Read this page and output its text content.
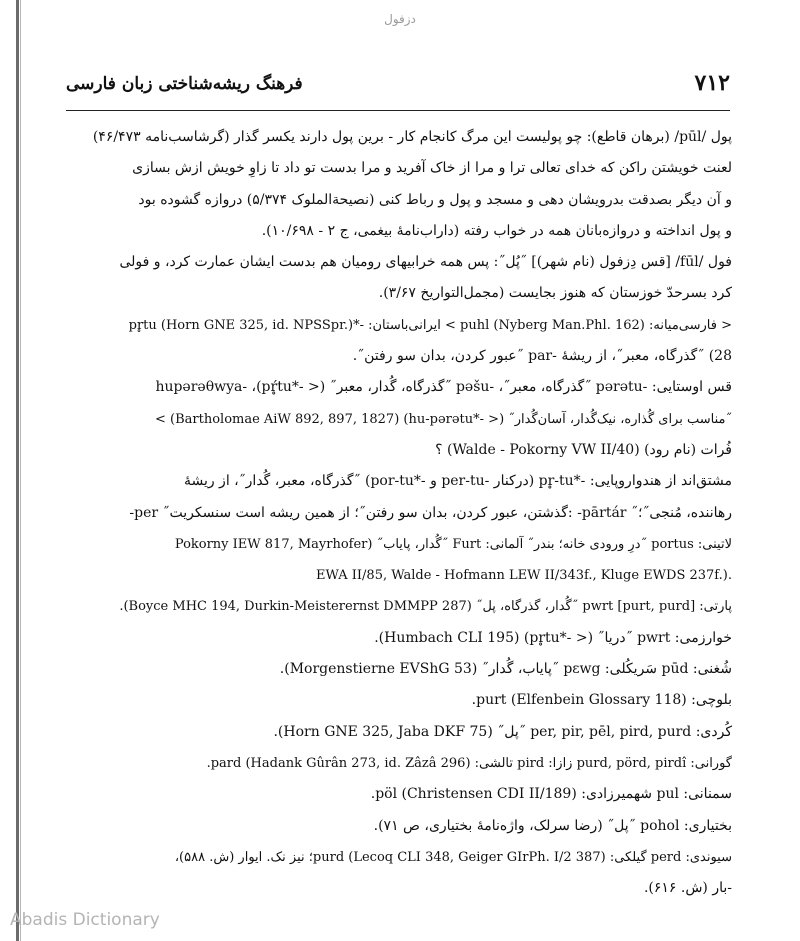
دزفول
۷۱۲
فرهنگ ریشه‌شناختی زبان فارسی
پول /pūl/ (برهان قاطع): چو پولیست این مرگ کانجام کار - برین پول دارند یکسر گذار (گرشاسب‌نامه ۴۶/۴۷۳)
لعنت خویشتن راکن که خدای تعالی ترا و مرا از خاک آفرید و مرا بدست تو داد تا زاوِ خویش ازش بسازی
و آن دیگر بصدقت بدرویشان دهی و مسجد و پول و رباط کنی (نصیحة‌الملوک ۵/۳۷۴) دروازه گشوده بود
و پول انداخته و دروازه‌بانان همه در خواب رفته (داراب‌نامهٔ بیغمی، ج ۲ - ۱۰/۶۹۸).
فول /fūl/ [قس دِزفول (نام شهر)] ˝پُل˝: پس همه خرابیهای رومیان هم بدست ایشان عمارت کرد، و فولی
کرد بسرحدّ خوزستان که هنوز بجایست (مجمل‌التواریخ ۳/۶۷).
< فارسی‌میانه: puhl (Nyberg Man.Phl. 162) > ایرانی‌باستان: -*pr̥tu (Horn GNE 325, id. NPSSpr.)
28) ˝گذرگاه، معبر˝، از ریشهٔ -par ˝عبور کردن، بدان سو رفتن˝.
قس اوستایی: -pərətu ˝گذرگاه، معبر˝، -pəšu ˝گذرگاه، گُدار، معبر˝ (< -*pŕ̥tu)، -hupərəθwya
˝مناسب برای گُذاره، نیک‌گُدار، آسان‌گُدار˝ (< -*hu-pərətu) (Bartholomae AiW 892, 897, 1827) >
فُرات (نام رود) (Walde - Pokorny VW II/40) ؟
مشتق‌اند از هندواروپایی: -*pr̥-tu (درکنار -per-tu و -*por-tu) ˝گذرگاه، معبر، گُدار˝، از ریشهٔ
-per ˝گذشتن، عبور کردن، بدان سو رفتن˝؛ از همین ریشه است سنسکریت: -pārtár ˝رهاننده، مُنجی˝؛
لاتینی: portus ˝درِ ورودی خانه؛ بندر˝ آلمانی: Furt ˝گُدار، پایاب˝ (Pokorny IEW 817, Mayrhofer
EWA II/85, Walde - Hofmann LEW II/343f., Kluge EWDS 237f.).
پارتی: pwrt [purt, purd] ˝گُدار، گذرگاه، پل˝ (Boyce MHC 194, Durkin-Meisterernst DMMPP 287).
خوارزمی: pwrt ˝دریا˝ (< -*pr̥tu) (Humbach CLI 195).
شُغنی: pūd سَریکُلی: pɛwg ˝پایاب، گُدار˝ (Morgenstierne EVShG 53).
بلوچی: purt (Elfenbein Glossary 118).
کُردی: per, pir, pēl, pird, purd ˝پل˝ (Horn GNE 325, Jaba DKF 75).
گورانی: purd, pörd, pirdî زازا: pird تالشی: pard (Hadank Gûrân 273, id. Zâzâ 296).
سمنانی: pul شهمیرزادی: pöl (Christensen CDI II/189).
بختیاری: pohol ˝پل˝ (رضا سرلک، واژه‌نامهٔ بختیاری، ص ۷۱).
سیوندی: perd گیلکی: purd (Lecoq CLI 348, Geiger GIrPh. I/2 387)؛ نیز نک. ایوار (ش. ۵۸۸)،
-بار (ش. ۶۱۶).
Abadis Dictionary
